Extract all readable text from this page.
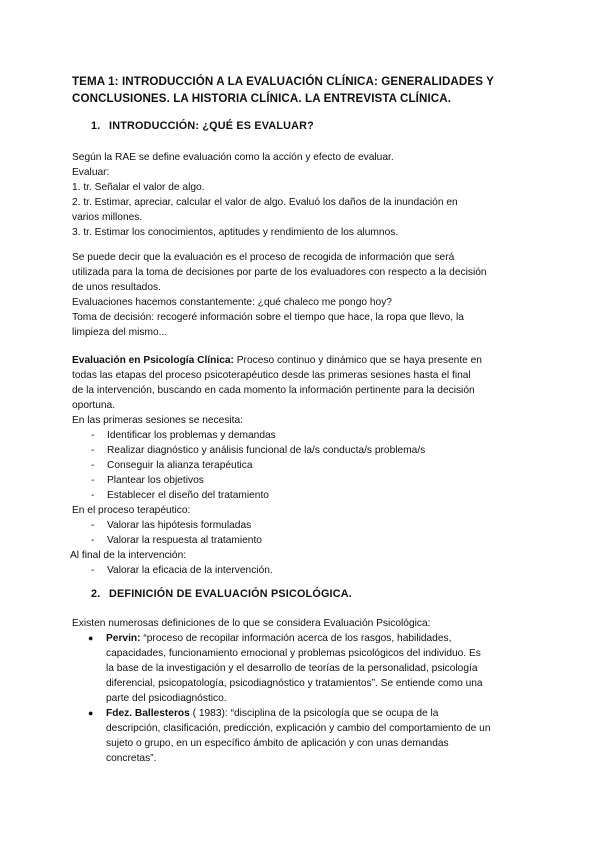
TEMA 1: INTRODUCCIÓN A LA EVALUACIÓN CLÍNICA: GENERALIDADES Y
CONCLUSIONES. LA HISTORIA CLÍNICA. LA ENTREVISTA CLÍNICA.
1. INTRODUCCIÓN: ¿QUÉ ES EVALUAR?
Según la RAE se define evaluación como la acción y efecto de evaluar.
Evaluar:
1. tr. Señalar el valor de algo.
2. tr. Estimar, apreciar, calcular el valor de algo. Evaluó los daños de la inundación en
varios millones.
3. tr. Estimar los conocimientos, aptitudes y rendimiento de los alumnos.
Se puede decir que la evaluación es el proceso de recogida de información que será
utilizada para la toma de decisiones por parte de los evaluadores con respecto a la decisión
de unos resultados.
Evaluaciones hacemos constantemente: ¿qué chaleco me pongo hoy?
Toma de decisión: recogeré información sobre el tiempo que hace, la ropa que llevo, la
limpieza del mismo...
Evaluación en Psicología Clínica: Proceso continuo y dinámico que se haya presente en
todas las etapas del proceso psicoterapéutico desde las primeras sesiones hasta el final
de la intervención, buscando en cada momento la información pertinente para la decisión
oportuna.
En las primeras sesiones se necesita:
- Identificar los problemas y demandas
- Realizar diagnóstico y análisis funcional de la/s conducta/s problema/s
- Conseguir la alianza terapéutica
- Plantear los objetivos
- Establecer el diseño del tratamiento
En el proceso terapéutico:
- Valorar las hipótesis formuladas
- Valorar la respuesta al tratamiento
Al final de la intervención:
- Valorar la eficacia de la intervención.
2. DEFINICIÓN DE EVALUACIÓN PSICOLÓGICA.
Existen numerosas definiciones de lo que se considera Evaluación Psicológica:
● Pervin: “proceso de recopilar información acerca de los rasgos, habilidades,
capacidades, funcionamiento emocional y problemas psicológicos del individuo. Es
la base de la investigación y el desarrollo de teorías de la personalidad, psicología
diferencial, psicopatología, psicodiagnóstico y tratamientos”. Se entiende como una
parte del psicodiagnóstico.
● Fdez. Ballesteros ( 1983): “disciplina de la psicología que se ocupa de la
descripción, clasificación, predicción, explicación y cambio del comportamiento de un
sujeto o grupo, en un específico ámbito de aplicación y con unas demandas
concretas”.
